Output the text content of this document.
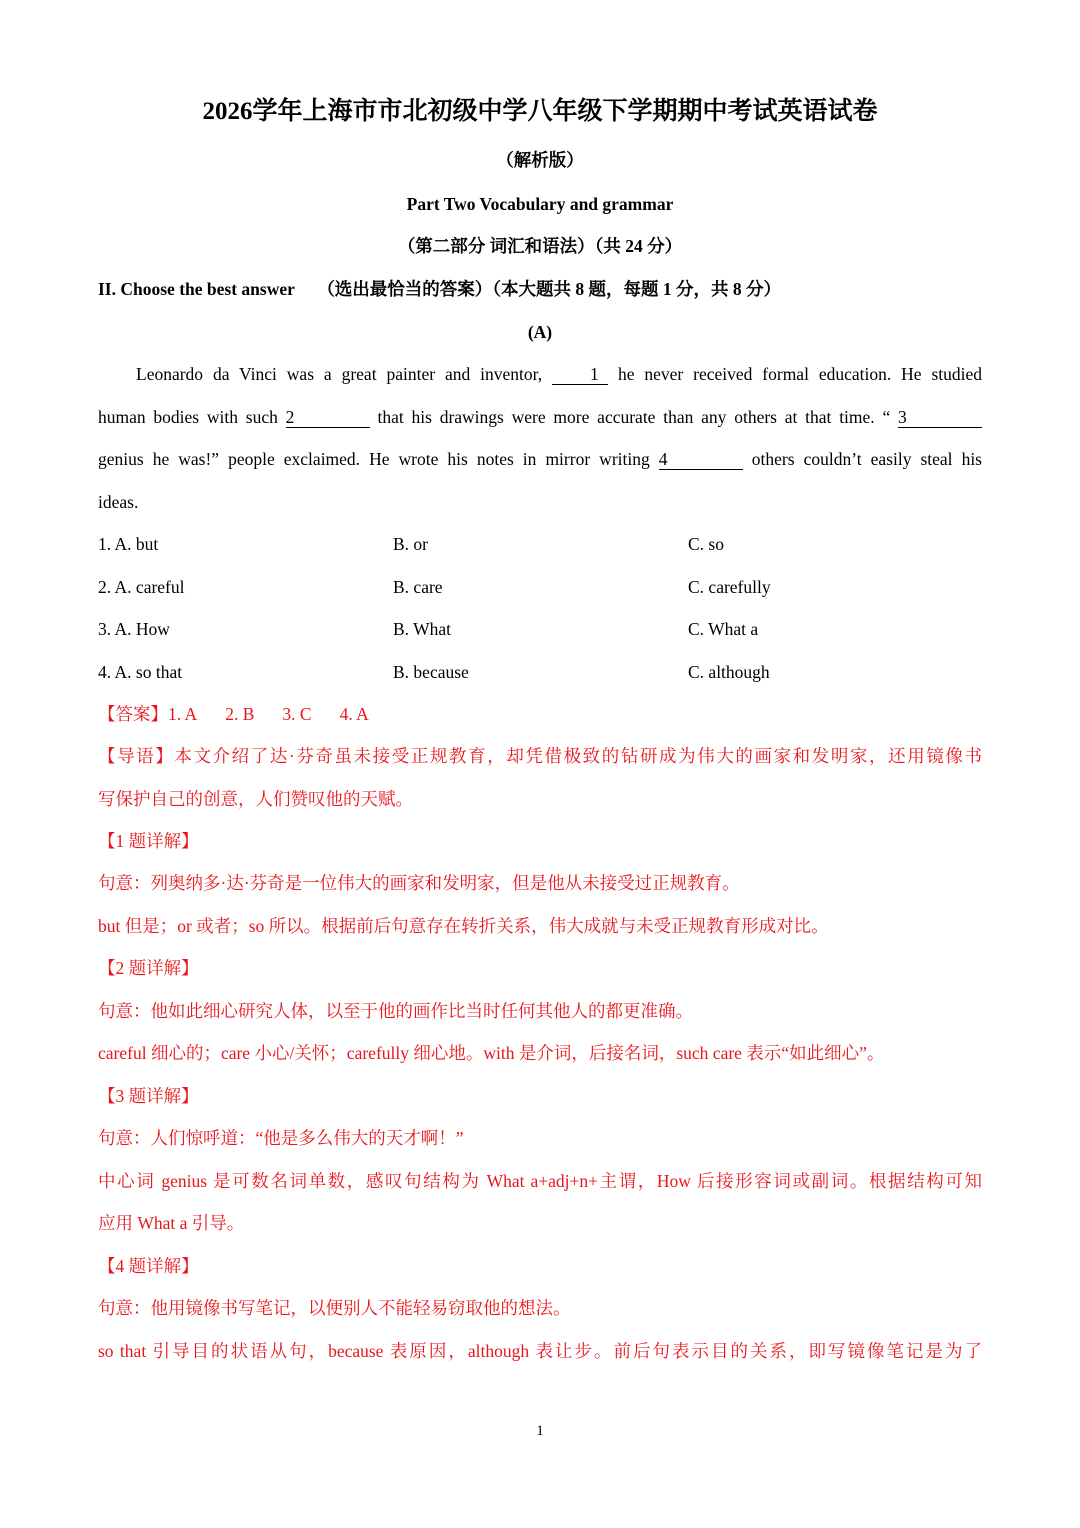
2026学年上海市市北初级中学八年级下学期期中考试英语试卷
（解析版）
Part Two Vocabulary and grammar
（第二部分 词汇和语法）（共 24 分）
II. Choose the best answer （选出最恰当的答案）（本大题共 8 题，每题 1 分，共 8 分）
(A)
Leonardo da Vinci was a great painter and inventor,	1 he never received formal education. He studied
human bodies with such 2	that his drawings were more accurate than any others at that time. “ 3
genius he was!” people exclaimed. He wrote his notes in mirror writing 4	others couldn’t easily steal his
ideas.
1. A. but	B. or	C. so
2. A. careful	B. care	C. carefully
3. A. How	B. What	C. What a
4. A. so that	B. because	C. although
【答案】1. A 2. B 3. C 4. A
【导语】本文介绍了达·芬奇虽未接受正规教育，却凭借极致的钻研成为伟大的画家和发明家，还用镜像书
写保护自己的创意，人们赞叹他的天赋。
【1 题详解】
句意：列奥纳多·达·芬奇是一位伟大的画家和发明家，但是他从未接受过正规教育。
but 但是；or 或者；so 所以。根据前后句意存在转折关系，伟大成就与未受正规教育形成对比。
【2 题详解】
句意：他如此细心研究人体，以至于他的画作比当时任何其他人的都更准确。
careful 细心的；care 小心/关怀；carefully 细心地。with 是介词，后接名词，such care 表示“如此细心”。
【3 题详解】
句意：人们惊呼道：“他是多么伟大的天才啊！”
中心词 genius 是可数名词单数，感叹句结构为 What a+adj+n+主谓，How 后接形容词或副词。根据结构可知
应用 What a 引导。
【4 题详解】
句意：他用镜像书写笔记，以便别人不能轻易窃取他的想法。
so that 引导目的状语从句，because 表原因，although 表让步。前后句表示目的关系，即写镜像笔记是为了
1
